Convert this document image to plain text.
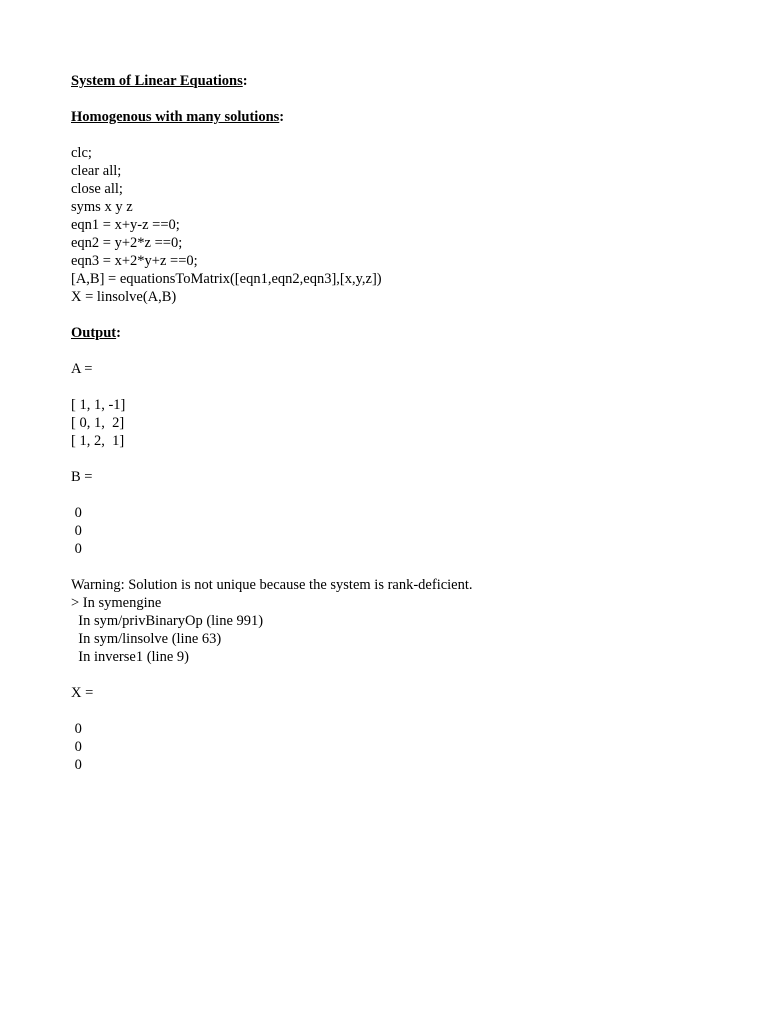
System of Linear Equations:
Homogenous with many solutions:
clc;
clear all;
close all;
syms x y z
eqn1 = x+y-z ==0;
eqn2 = y+2*z ==0;
eqn3 = x+2*y+z ==0;
[A,B] = equationsToMatrix([eqn1,eqn2,eqn3],[x,y,z])
X = linsolve(A,B)
Output:
A =
[ 1, 1, -1]
[ 0, 1,  2]
[ 1, 2,  1]
B =
0
0
0
Warning: Solution is not unique because the system is rank-deficient.
> In symengine
In sym/privBinaryOp (line 991)
In sym/linsolve (line 63)
In inverse1 (line 9)
X =
0
0
0
